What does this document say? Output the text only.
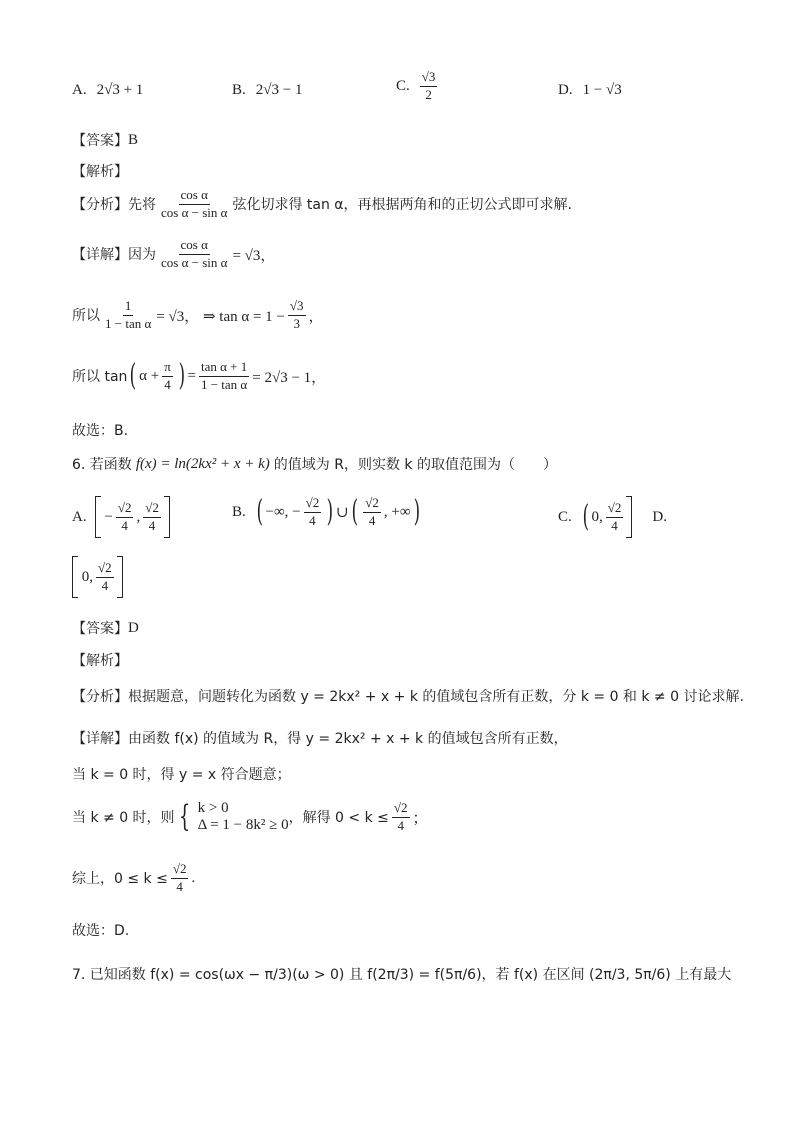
A. 2√3 + 1	B. 2√3 − 1	C. $\frac{√3}{2}$	D. 1 − √3
【答案】 B
【解析】
【分析】 先将 $\frac{\text{cos α}}{\text{cos α − sin α}}$ 弦化切求得 tan α，再根据两角和的正切公式即可求解.
【详解】 因为 $\frac{\text{cos α}}{\text{cos α − sin α}} = √3$，
所以 $\frac{1}{\text{1 − tan α}} = √3$， ⇒ $\tan \alpha = 1 - \frac{√3}{3}$ ，
所以 tan ( $\alpha + \frac{\pi}{4}$ ) = $\frac{\text{tan α + 1}}{\text{1 − tan α}} = 2√3 - 1$，
故选：B.
6. 若函数 f(x) = ln(2kx² + x + k) 的值域为 R，则实数 k 的取值范围为（　　）
A. − $\frac{√2}{4}$ , $\frac{√2}{4}$	B. ( −∞, − $\frac{√2}{4}$ ) ∪ ( $\frac{√2}{4}$ , +∞ )	C. ( 0, $\frac{√2}{4} D$.
0, $\frac{√2}{4}$
【答案】 D
【解析】
【分析】 根据题意，问题转化为函数 y = 2kx² + x + k 的值域包含所有正数，分 k = 0 和 k ≠ 0 讨论求解.
【详解】 由函数 f(x) 的值域为 R，得 y = 2kx² + x + k 的值域包含所有正数，
当 k = 0 时，得 y = x 符合题意；
当 k ≠ 0 时，则 { k > 0
Δ = 1 − 8k² ≥ 0 ，解得 $0 < k \le \frac{√2}{4}$ ；
综上，$0 \le k \le \frac{√2}{4}$ .
故选：D.
7. 已知函数 f(x) = cos(ωx − π/3)(ω > 0) 且 f(2π/3) = f(5π/6)，若 f(x) 在区间 (2π/3, 5π/6) 上有最大
